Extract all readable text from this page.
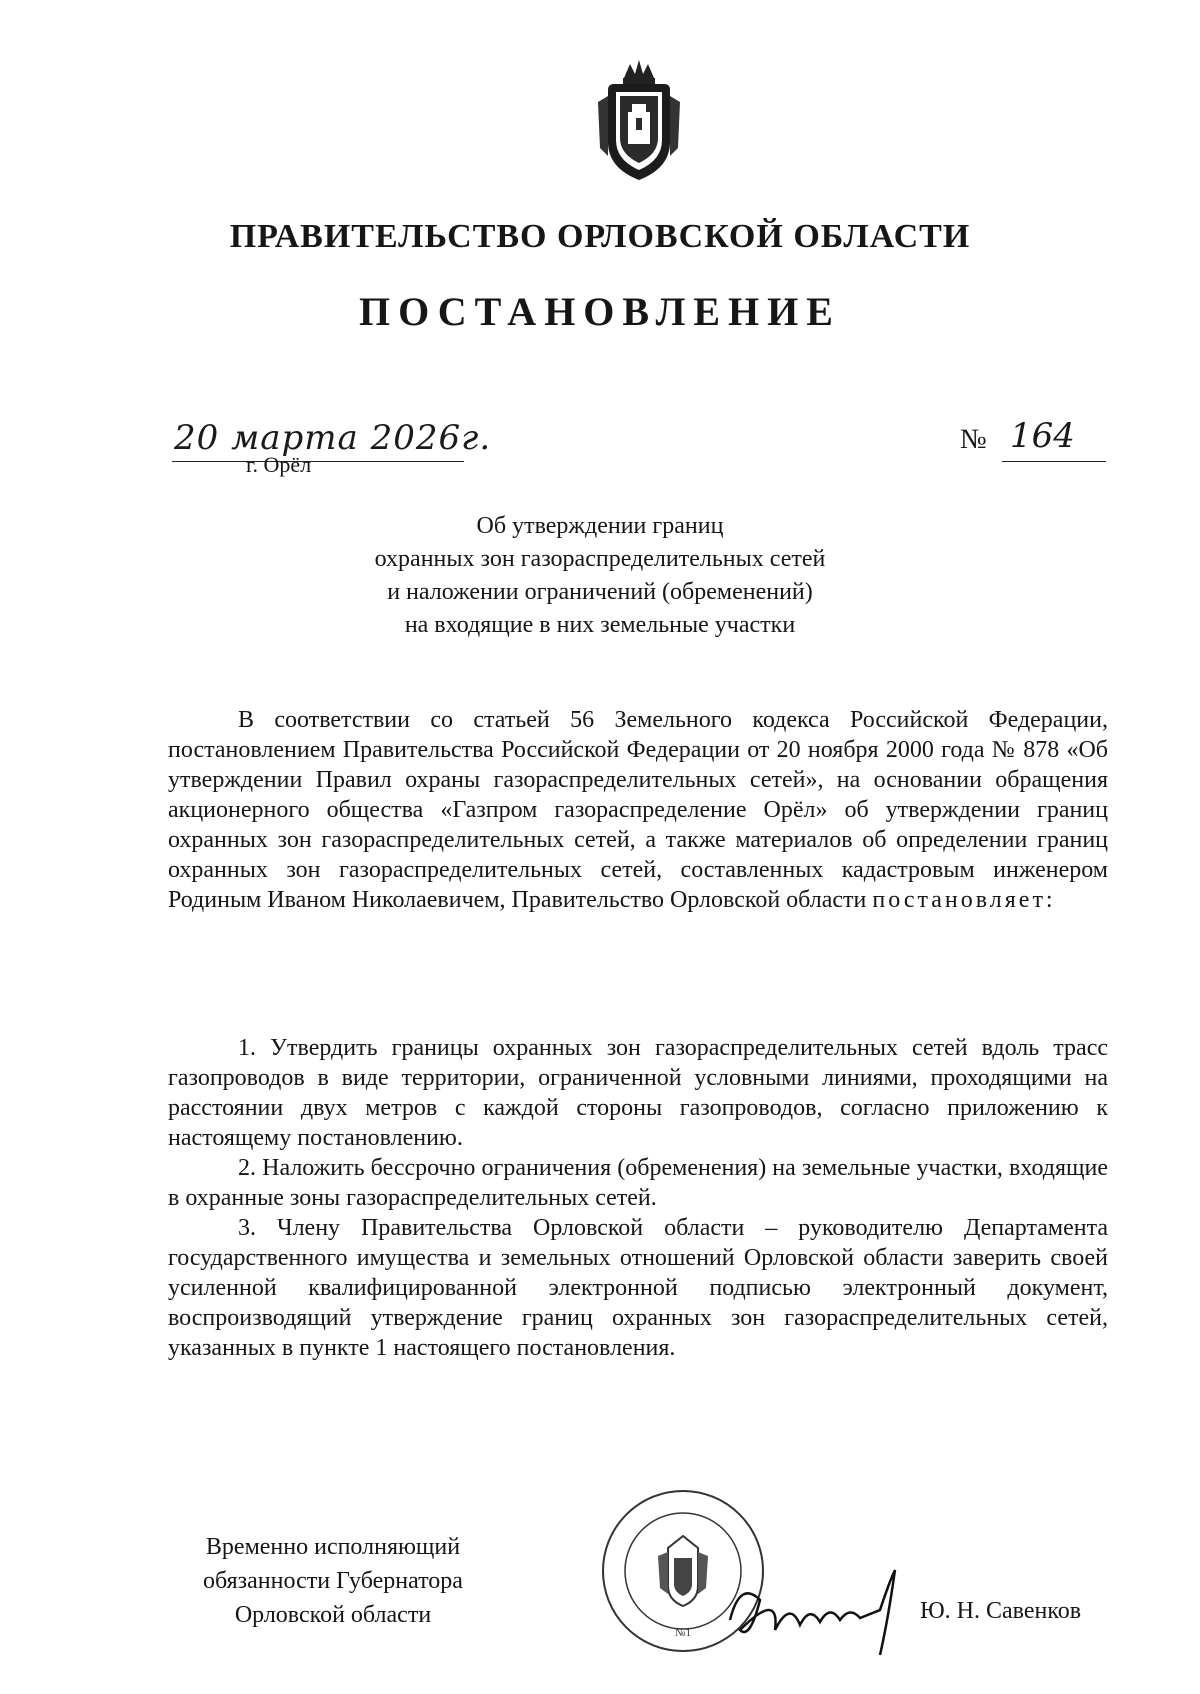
ПРАВИТЕЛЬСТВО ОРЛОВСКОЙ ОБЛАСТИ
ПОСТАНОВЛЕНИЕ
20 марта 2026г.
г. Орёл
№ 164
Об утверждении границ
охранных зон газораспределительных сетей
и наложении ограничений (обременений)
на входящие в них земельные участки

В соответствии со статьей 56 Земельного кодекса Российской Федерации, постановлением Правительства Российской Федерации от 20 ноября 2000 года № 878 «Об утверждении Правил охраны газораспределительных сетей», на основании обращения акционерного общества «Газпром газораспределение Орёл» об утверждении границ охранных зон газораспределительных сетей, а также материалов об определении границ охранных зон газораспределительных сетей, составленных кадастровым инженером Родиным Иваном Николаевичем, Правительство Орловской области постановляет:

1. Утвердить границы охранных зон газораспределительных сетей вдоль трасс газопроводов в виде территории, ограниченной условными линиями, проходящими на расстоянии двух метров с каждой стороны газопроводов, согласно приложению к настоящему постановлению.

2. Наложить бессрочно ограничения (обременения) на земельные участки, входящие в охранные зоны газораспределительных сетей.

3. Члену Правительства Орловской области – руководителю Департамента государственного имущества и земельных отношений Орловской области заверить своей усиленной квалифицированной электронной подписью электронный документ, воспроизводящий утверждение границ охранных зон газораспределительных сетей, указанных в пункте 1 настоящего постановления.

Временно исполняющий
обязанности Губернатора
Орловской области
№1
Ю. Н. Савенков
